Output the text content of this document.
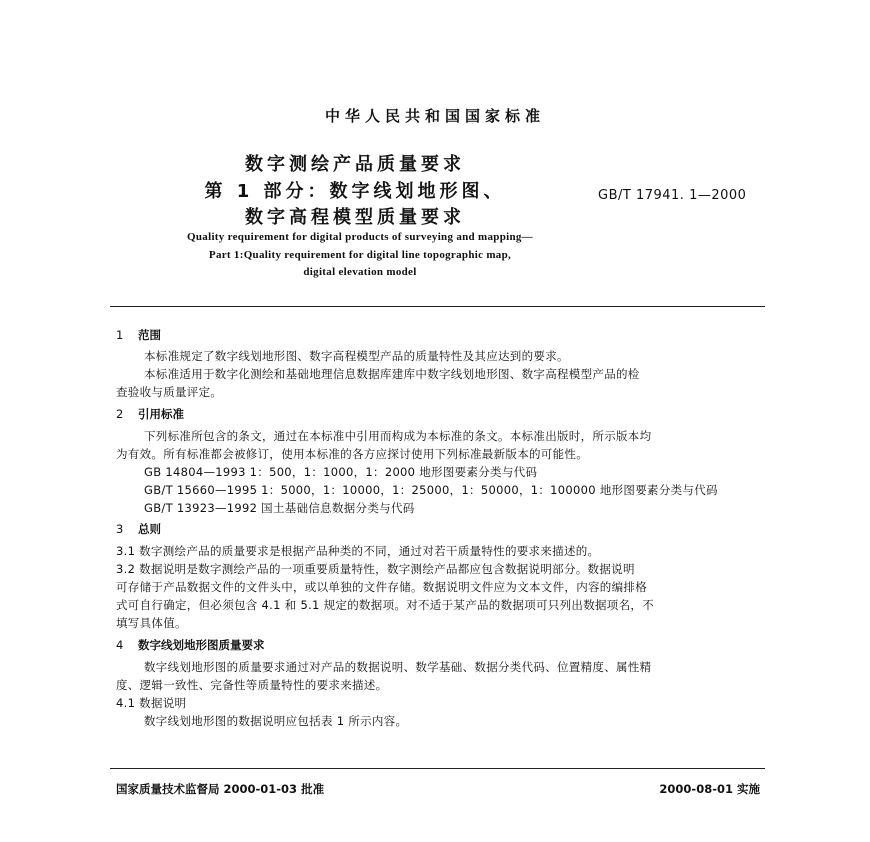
中华人民共和国国家标准
数字测绘产品质量要求
第 1 部分：数字线划地形图、
数字高程模型质量要求
GB/T 17941. 1—2000
Quality requirement for digital products of surveying and mapping—
Part 1:Quality requirement for digital line topographic map,
digital elevation model
1 范围
本标准规定了数字线划地形图、数字高程模型产品的质量特性及其应达到的要求。
本标准适用于数字化测绘和基础地理信息数据库建库中数字线划地形图、数字高程模型产品的检
查验收与质量评定。
2 引用标准
下列标准所包含的条文，通过在本标准中引用而构成为本标准的条文。本标准出版时，所示版本均
为有效。所有标准都会被修订，使用本标准的各方应探讨使用下列标准最新版本的可能性。
GB 14804—1993 1：500，1：1000，1：2000 地形图要素分类与代码
GB/T 15660—1995 1：5000，1：10000，1：25000，1：50000，1：100000 地形图要素分类与代码
GB/T 13923—1992 国土基础信息数据分类与代码
3 总则
3.1 数字测绘产品的质量要求是根据产品种类的不同，通过对若干质量特性的要求来描述的。
3.2 数据说明是数字测绘产品的一项重要质量特性，数字测绘产品都应包含数据说明部分。数据说明
可存储于产品数据文件的文件头中，或以单独的文件存储。数据说明文件应为文本文件，内容的编排格
式可自行确定，但必须包含 4.1 和 5.1 规定的数据项。对不适于某产品的数据项可只列出数据项名，不
填写具体值。
4 数字线划地形图质量要求
数字线划地形图的质量要求通过对产品的数据说明、数学基础、数据分类代码、位置精度、属性精
度、逻辑一致性、完备性等质量特性的要求来描述。
4.1 数据说明
数字线划地形图的数据说明应包括表 1 所示内容。
国家质量技术监督局 2000-01-03 批准	2000-08-01 实施
